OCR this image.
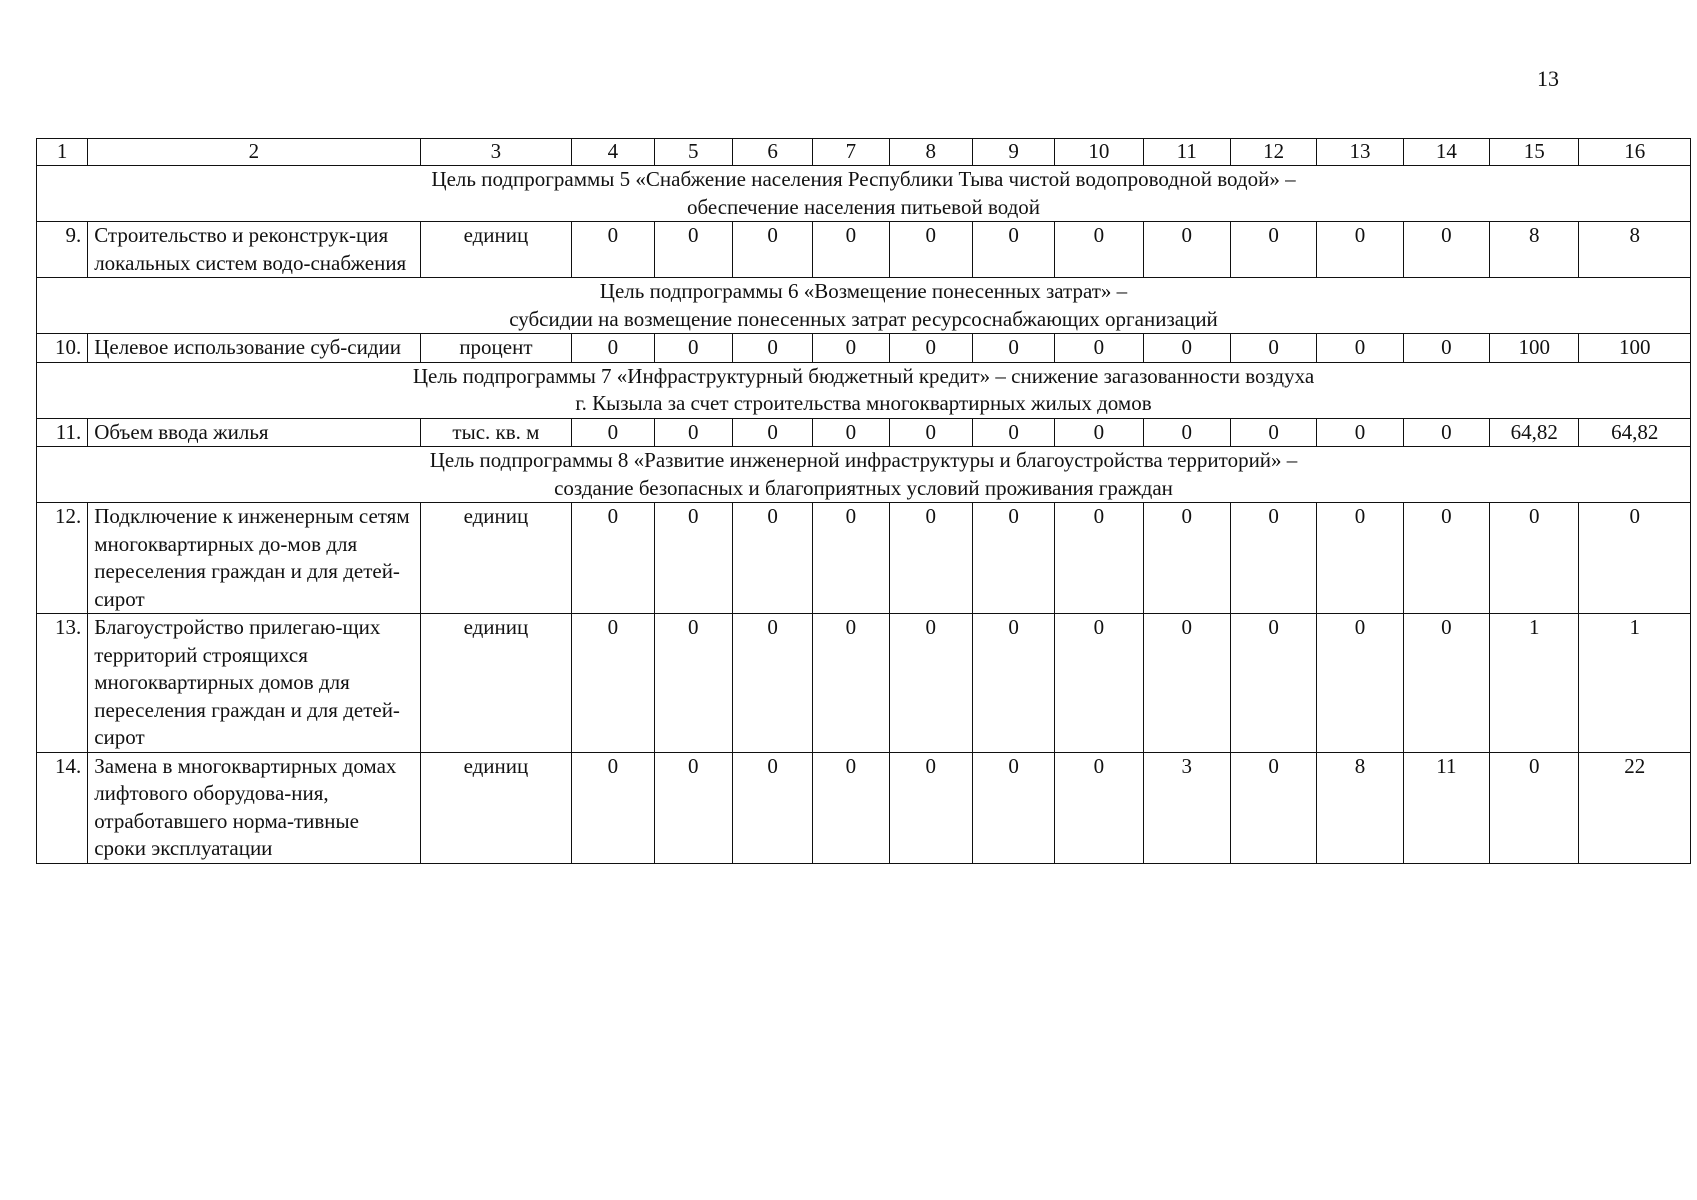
13
1	2	3	4	5	6	7	8	9	10	11	12	13	14	15	16

Цель подпрограммы 5 «Снабжение населения Республики Тыва чистой водопроводной водой» –
обеспечение населения питьевой водой															

9.	Строительство и реконструк-ция локальных систем водо-снабжения	единиц	0	0	0	0	0	0	0	0	0	0	0	8	8

Цель подпрограммы 6 «Возмещение понесенных затрат» –
субсидии на возмещение понесенных затрат ресурсоснабжающих организаций															

10.	Целевое использование суб-сидии	процент	0	0	0	0	0	0	0	0	0	0	0	100	100

Цель подпрограммы 7 «Инфраструктурный бюджетный кредит» – снижение загазованности воздуха
г. Кызыла за счет строительства многоквартирных жилых домов															

11.	Объем ввода жилья	тыс. кв. м	0	0	0	0	0	0	0	0	0	0	0	64,82	64,82

Цель подпрограммы 8 «Развитие инженерной инфраструктуры и благоустройства территорий» –
создание безопасных и благоприятных условий проживания граждан															

12.	Подключение к инженерным сетям многоквартирных до-мов для переселения граждан и для детей-сирот	единиц	0	0	0	0	0	0	0	0	0	0	0	0	0
13.	Благоустройство прилегаю-щих территорий строящихся многоквартирных домов для переселения граждан и для детей-сирот	единиц	0	0	0	0	0	0	0	0	0	0	0	1	1
14.	Замена в многоквартирных домах лифтового оборудова-ния, отработавшего норма-тивные сроки эксплуатации	единиц	0	0	0	0	0	0	0	3	0	8	11	0	22
